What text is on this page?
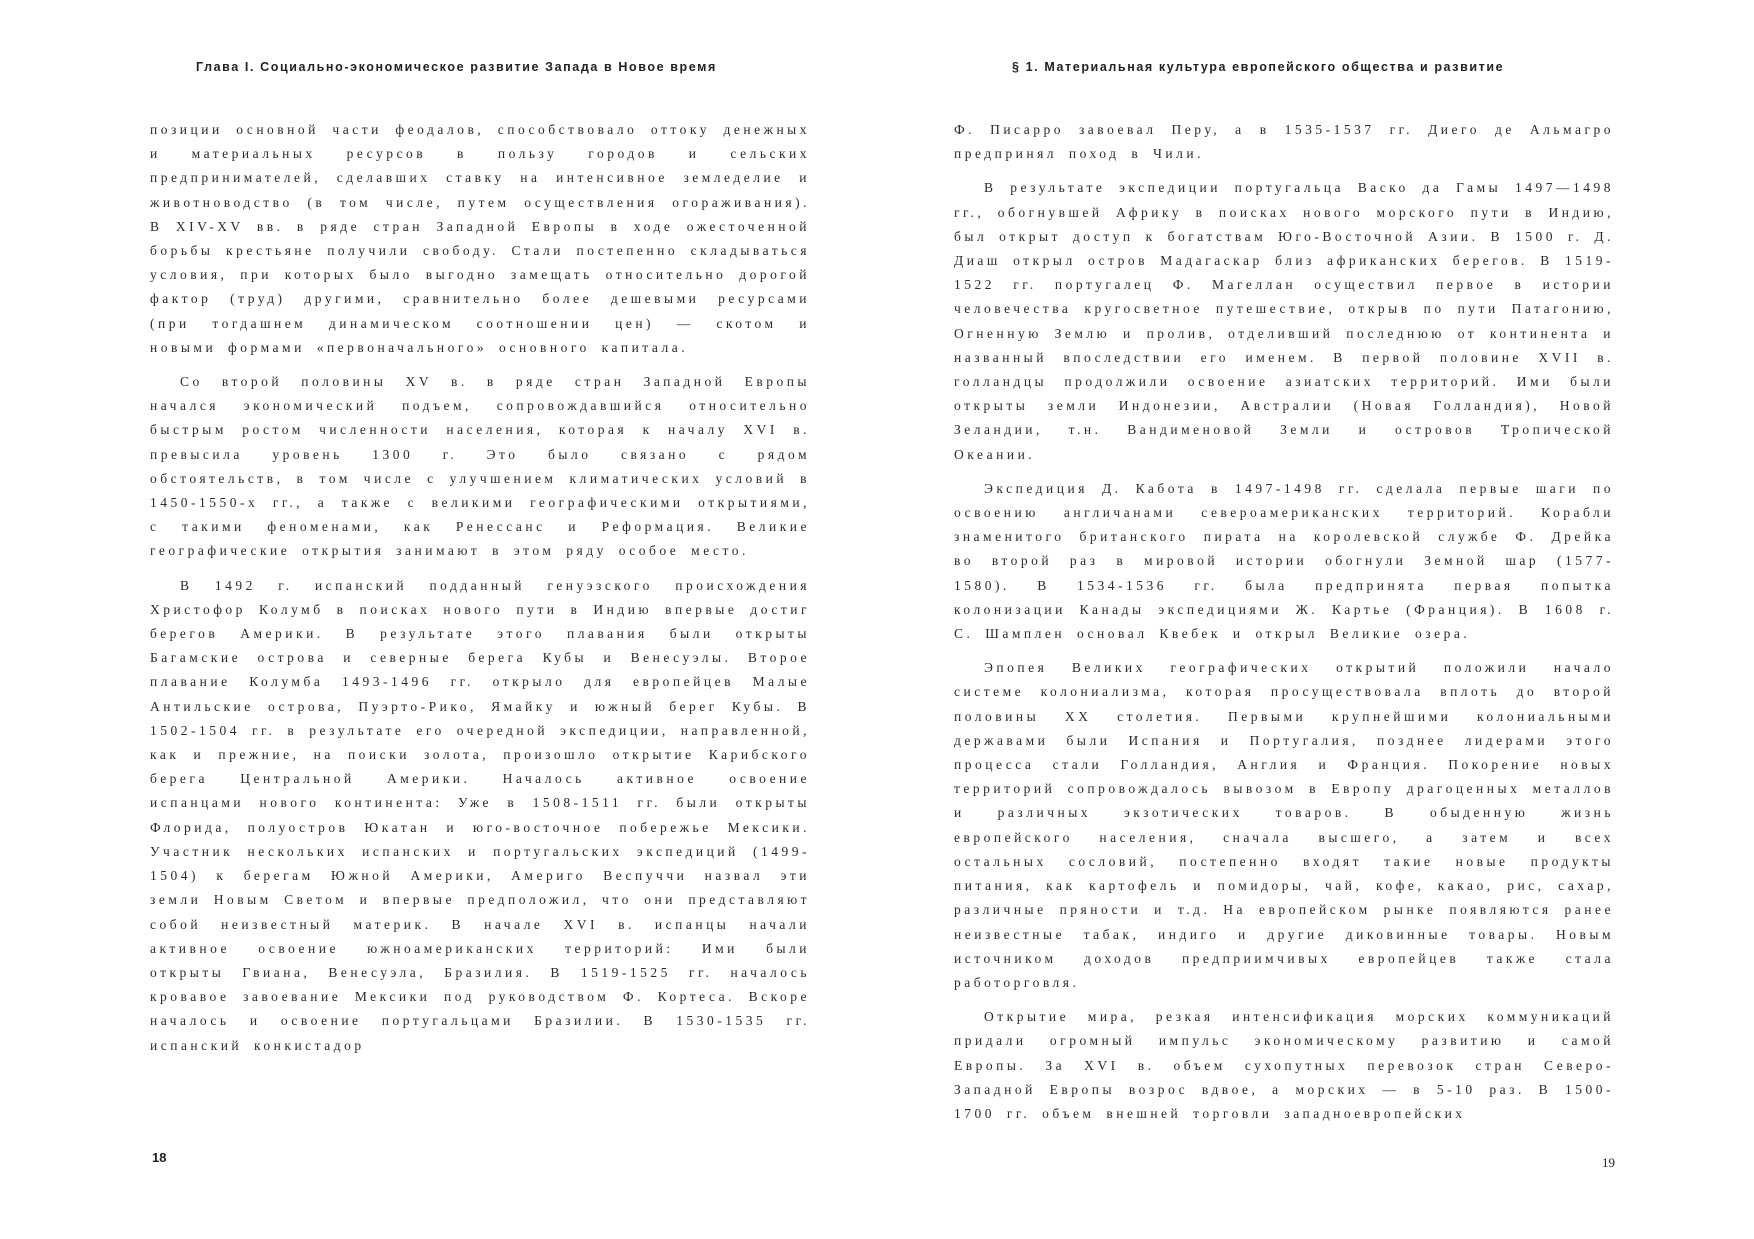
Глава I. Социально-экономическое развитие Запада в Новое время

позиции основной части феодалов, способствовало оттоку денежных и материальных ресурсов в пользу городов и сельских предпринимателей, сделавших ставку на интенсивное земледелие и животноводство (в том числе, путем осуществления огораживания). В XIV-XV вв. в ряде стран Западной Европы в ходе ожесточенной борьбы крестьяне получили свободу. Стали постепенно складываться условия, при которых было выгодно замещать относительно дорогой фактор (труд) другими, сравнительно более дешевыми ресурсами (при тогдашнем динамическом соотношении цен) — скотом и новыми формами «первоначального» основного капитала.

Со второй половины XV в. в ряде стран Западной Европы начался экономический подъем, сопровождавшийся относительно быстрым ростом численности населения, которая к началу XVI в. превысила уровень 1300 г. Это было связано с рядом обстоятельств, в том числе с улучшением климатических условий в 1450-1550-х гг., а также с великими географическими открытиями, с такими феноменами, как Ренессанс и Реформация. Великие географические открытия занимают в этом ряду особое место.

В 1492 г. испанский подданный генуэзского происхождения Христофор Колумб в поисках нового пути в Индию впервые достиг берегов Америки. В результате этого плавания были открыты Багамские острова и северные берега Кубы и Венесуэлы. Второе плавание Колумба 1493-1496 гг. открыло для европейцев Малые Антильские острова, Пуэрто-Рико, Ямайку и южный берег Кубы. В 1502-1504 гг. в результате его очередной экспедиции, направленной, как и прежние, на поиски золота, произошло открытие Карибского берега Центральной Америки. Началось активное освоение испанцами нового континента: Уже в 1508-1511 гг. были открыты Флорида, полуостров Юкатан и юго-восточное побережье Мексики. Участник нескольких испанских и португальских экспедиций (1499-1504) к берегам Южной Америки, Америго Веспуччи назвал эти земли Новым Светом и впервые предположил, что они представляют собой неизвестный материк. В начале XVI в. испанцы начали активное освоение южноамериканских территорий: Ими были открыты Гвиана, Венесуэла, Бразилия. В 1519-1525 гг. началось кровавое завоевание Мексики под руководством Ф. Кортеса. Вскоре началось и освоение португальцами Бразилии. В 1530-1535 гг. испанский конкистадор

18
§ 1. Материальная культура европейского общества и развитие

Ф. Писарро завоевал Перу, а в 1535-1537 гг. Диего де Альмагро предпринял поход в Чили.

В результате экспедиции португальца Васко да Гамы 1497—1498 гг., обогнувшей Африку в поисках нового морского пути в Индию, был открыт доступ к богатствам Юго-Восточной Азии. В 1500 г. Д. Диаш открыл остров Мадагаскар близ африканских берегов. В 1519-1522 гг. португалец Ф. Магеллан осуществил первое в истории человечества кругосветное путешествие, открыв по пути Патагонию, Огненную Землю и пролив, отделивший последнюю от континента и названный впоследствии его именем. В первой половине XVII в. голландцы продолжили освоение азиатских территорий. Ими были открыты земли Индонезии, Австралии (Новая Голландия), Новой Зеландии, т.н. Вандименовой Земли и островов Тропической Океании.

Экспедиция Д. Кабота в 1497-1498 гг. сделала первые шаги по освоению англичанами североамериканских территорий. Корабли знаменитого британского пирата на королевской службе Ф. Дрейка во второй раз в мировой истории обогнули Земной шар (1577-1580). В 1534-1536 гг. была предпринята первая попытка колонизации Канады экспедициями Ж. Картье (Франция). В 1608 г. С. Шамплен основал Квебек и открыл Великие озера.

Эпопея Великих географических открытий положили начало системе колониализма, которая просуществовала вплоть до второй половины XX столетия. Первыми крупнейшими колониальными державами были Испания и Португалия, позднее лидерами этого процесса стали Голландия, Англия и Франция. Покорение новых территорий сопровождалось вывозом в Европу драгоценных металлов и различных экзотических товаров. В обыденную жизнь европейского населения, сначала высшего, а затем и всех остальных сословий, постепенно входят такие новые продукты питания, как картофель и помидоры, чай, кофе, какао, рис, сахар, различные пряности и т.д. На европейском рынке появляются ранее неизвестные табак, индиго и другие диковинные товары. Новым источником доходов предприимчивых европейцев также стала работорговля.

Открытие мира, резкая интенсификация морских коммуникаций придали огромный импульс экономическому развитию и самой Европы. За XVI в. объем сухопутных перевозок стран Северо-Западной Европы возрос вдвое, а морских — в 5-10 раз. В 1500-1700 гг. объем внешней торговли западноевропейских

19
